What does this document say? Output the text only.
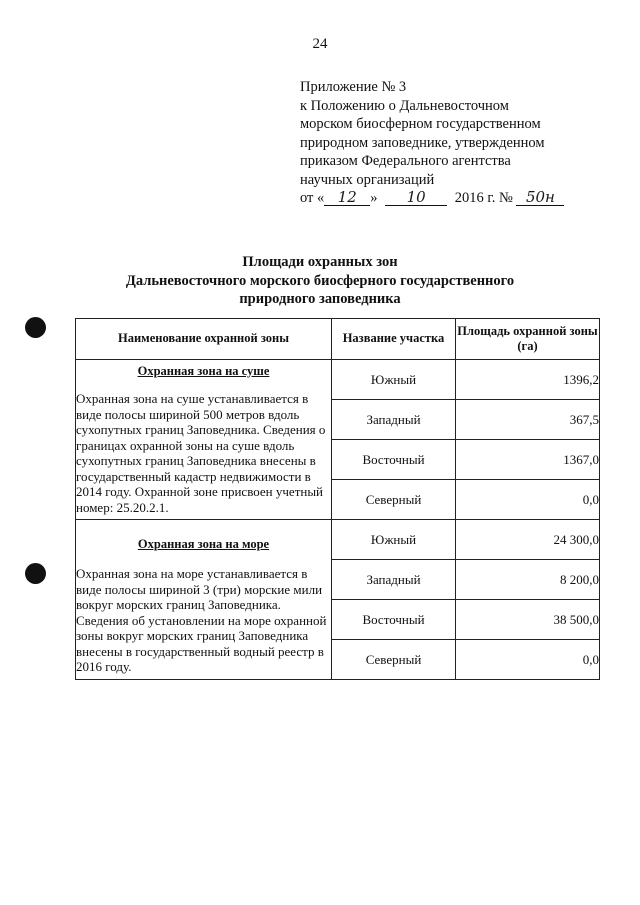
24
Приложение № 3
к Положению о Дальневосточном
морском биосферном государственном
природном заповеднике, утвержденном
приказом Федерального агентства
научных организаций
от « 12 » 10 2016 г. № 50н
Площади охранных зон
Дальневосточного морского биосферного государственного
природного заповедника
Наименование охранной зоны	Название участка	Площадь охранной зоны (га)

Охранная зона на суше
Охранная зона на суше устанавливается в виде полосы шириной 500 метров вдоль сухопутных границ Заповедника. Сведения о границах охранной зоны на суше вдоль сухопутных границ Заповедника внесены в государственный кадастр недвижимости в 2014 году. Охранной зоне присвоен учетный номер: 25.20.2.1.	Южный	1396,2
	Западный	367,5
	Восточный	1367,0
	Северный	0,0

Охранная зона на море
Охранная зона на море устанавливается в виде полосы шириной 3 (три) морские мили вокруг морских границ Заповедника. Сведения об установлении на море охранной зоны вокруг морских границ Заповедника внесены в государственный водный реестр в 2016 году.	Южный	24 300,0
	Западный	8 200,0
	Восточный	38 500,0
	Северный	0,0
